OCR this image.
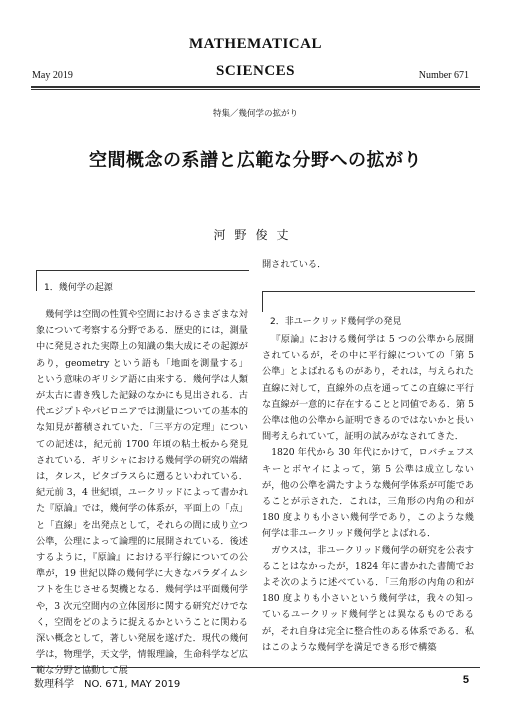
MATHEMATICAL
May 2019	SCIENCES	Number 671
特集／幾何学の拡がり
空間概念の系譜と広範な分野への拡がり
河野俊丈
1．幾何学の起源

幾何学は空間の性質や空間におけるさまざまな対象について考察する分野である．歴史的には，測量中に発見された実際上の知識の集大成にその起源があり，geometry という語も「地面を測量する」という意味のギリシア語に由来する．幾何学は人類が太古に書き残した記録のなかにも見出される．古代エジプトやバビロニアでは測量についての基本的な知見が蓄積されていた．「三平方の定理」についての記述は，紀元前 1700 年頃の粘土板から発見されている．ギリシャにおける幾何学の研究の端緒は，タレス，ピタゴラスらに遡るといわれている．紀元前 3，4 世紀頃，ユークリッドによって書かれた『原論』では，幾何学の体系が，平面上の「点」と「直線」を出発点として，それらの間に成り立つ公準，公理によって論理的に展開されている．後述するように，『原論』における平行線についての公準が，19 世紀以降の幾何学に大きなパラダイムシフトを生じさせる契機となる．幾何学は平面幾何学や，3 次元空間内の立体図形に関する研究だけでなく，空間をどのように捉えるかということに関わる深い概念として，著しい発展を遂げた．現代の幾何学は，物理学，天文学，情報理論，生命科学など広範な分野と協動して展

開されている．

2．非ユークリッド幾何学の発見

『原論』における幾何学は 5 つの公準から展開されているが，その中に平行線についての「第 5 公準」とよばれるものがあり，それは，与えられた直線に対して，直線外の点を通ってこの直線に平行な直線が一意的に存在することと同値である．第 5 公準は他の公準から証明できるのではないかと長い間考えられていて，証明の試みがなされてきた．

1820 年代から 30 年代にかけて，ロバチェフスキーとボヤイによって，第 5 公準は成立しないが，他の公準を満たすような幾何学体系が可能であることが示された．これは，三角形の内角の和が 180 度よりも小さい幾何学であり，このような幾何学は非ユークリッド幾何学とよばれる．

ガウスは，非ユークリッド幾何学の研究を公表することはなかったが，1824 年に書かれた書簡でおよそ次のように述べている．「三角形の内角の和が 180 度よりも小さいという幾何学は，我々の知っているユークリッド幾何学とは異なるものであるが，それ自身は完全に整合性のある体系である．私はこのような幾何学を満足できる形で構築

数理科学　NO. 671, MAY 2019	5
